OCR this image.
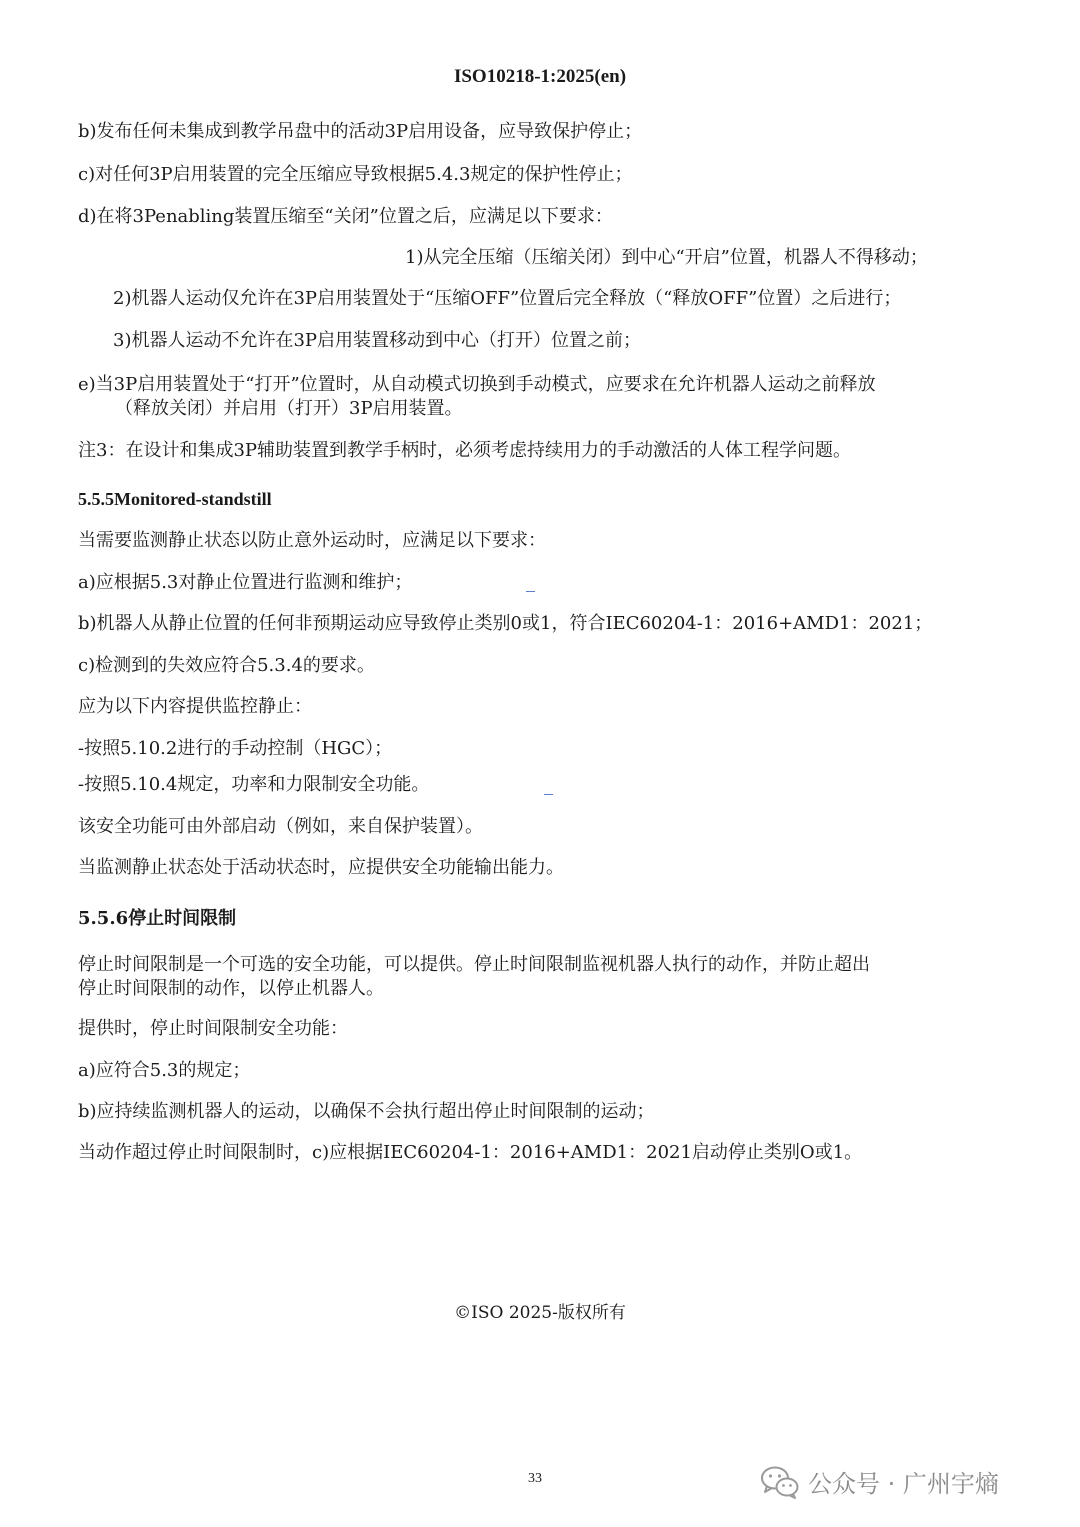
ISO10218-1:2025(en)
b)发布任何未集成到教学吊盘中的活动3P启用设备，应导致保护停止；
c)对任何3P启用装置的完全压缩应导致根据5.4.3规定的保护性停止；
d)在将3Penabling装置压缩至“关闭”位置之后，应满足以下要求：
1)从完全压缩（压缩关闭）到中心“开启”位置，机器人不得移动；
2)机器人运动仅允许在3P启用装置处于“压缩OFF”位置后完全释放（“释放OFF”位置）之后进行；
3)机器人运动不允许在3P启用装置移动到中心（打开）位置之前；
e)当3P启用装置处于“打开”位置时，从自动模式切换到手动模式，应要求在允许机器人运动之前释放
（释放关闭）并启用（打开）3P启用装置。
注3：在设计和集成3P辅助装置到教学手柄时，必须考虑持续用力的手动激活的人体工程学问题。
5.5.5Monitored-standstill
当需要监测静止状态以防止意外运动时，应满足以下要求：
a)应根据5.3对静止位置进行监测和维护；
b)机器人从静止位置的任何非预期运动应导致停止类别0或1，符合IEC60204-1：2016+AMD1：2021；
c)检测到的失效应符合5.3.4的要求。
应为以下内容提供监控静止：
-按照5.10.2进行的手动控制（HGC）；
-按照5.10.4规定，功率和力限制安全功能。
该安全功能可由外部启动（例如，来自保护装置）。
当监测静止状态处于活动状态时，应提供安全功能输出能力。
5.5.6停止时间限制
停止时间限制是一个可选的安全功能，可以提供。停止时间限制监视机器人执行的动作，并防止超出
停止时间限制的动作，以停止机器人。
提供时，停止时间限制安全功能：
a)应符合5.3的规定；
b)应持续监测机器人的运动，以确保不会执行超出停止时间限制的运动；
当动作超过停止时间限制时，c)应根据IEC60204-1：2016+AMD1：2021启动停止类别O或1。
©ISO 2025-版权所有
33	公众号 · 广州宇熵
